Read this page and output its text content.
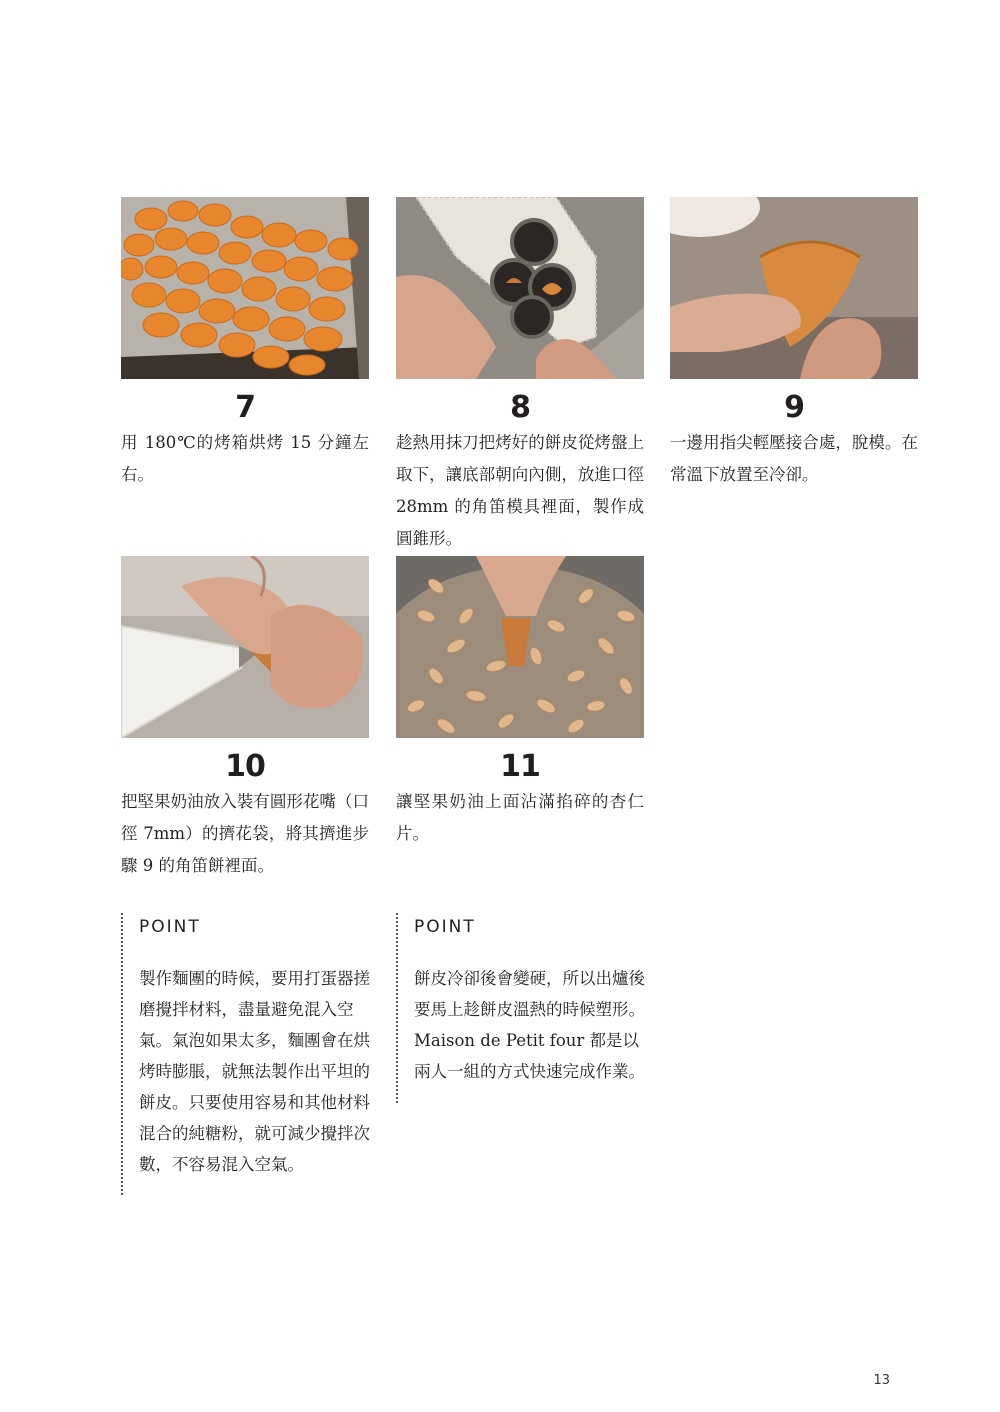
7
用 180℃的烤箱烘烤 15 分鐘左右。
8
趁熱用抹刀把烤好的餅皮從烤盤上取下，讓底部朝向內側，放進口徑 28mm 的角笛模具裡面，製作成圓錐形。
9
一邊用指尖輕壓接合處，脫模。在常溫下放置至冷卻。
10
把堅果奶油放入裝有圓形花嘴（口徑 7mm）的擠花袋，將其擠進步驟 9 的角笛餅裡面。
11
讓堅果奶油上面沾滿掐碎的杏仁片。
POINT
製作麵團的時候，要用打蛋器搓磨攪拌材料，盡量避免混入空氣。氣泡如果太多，麵團會在烘烤時膨脹，就無法製作出平坦的餅皮。只要使用容易和其他材料混合的純糖粉，就可減少攪拌次數，不容易混入空氣。
POINT
餅皮冷卻後會變硬，所以出爐後要馬上趁餅皮溫熱的時候塑形。Maison de Petit four 都是以兩人一組的方式快速完成作業。
13
